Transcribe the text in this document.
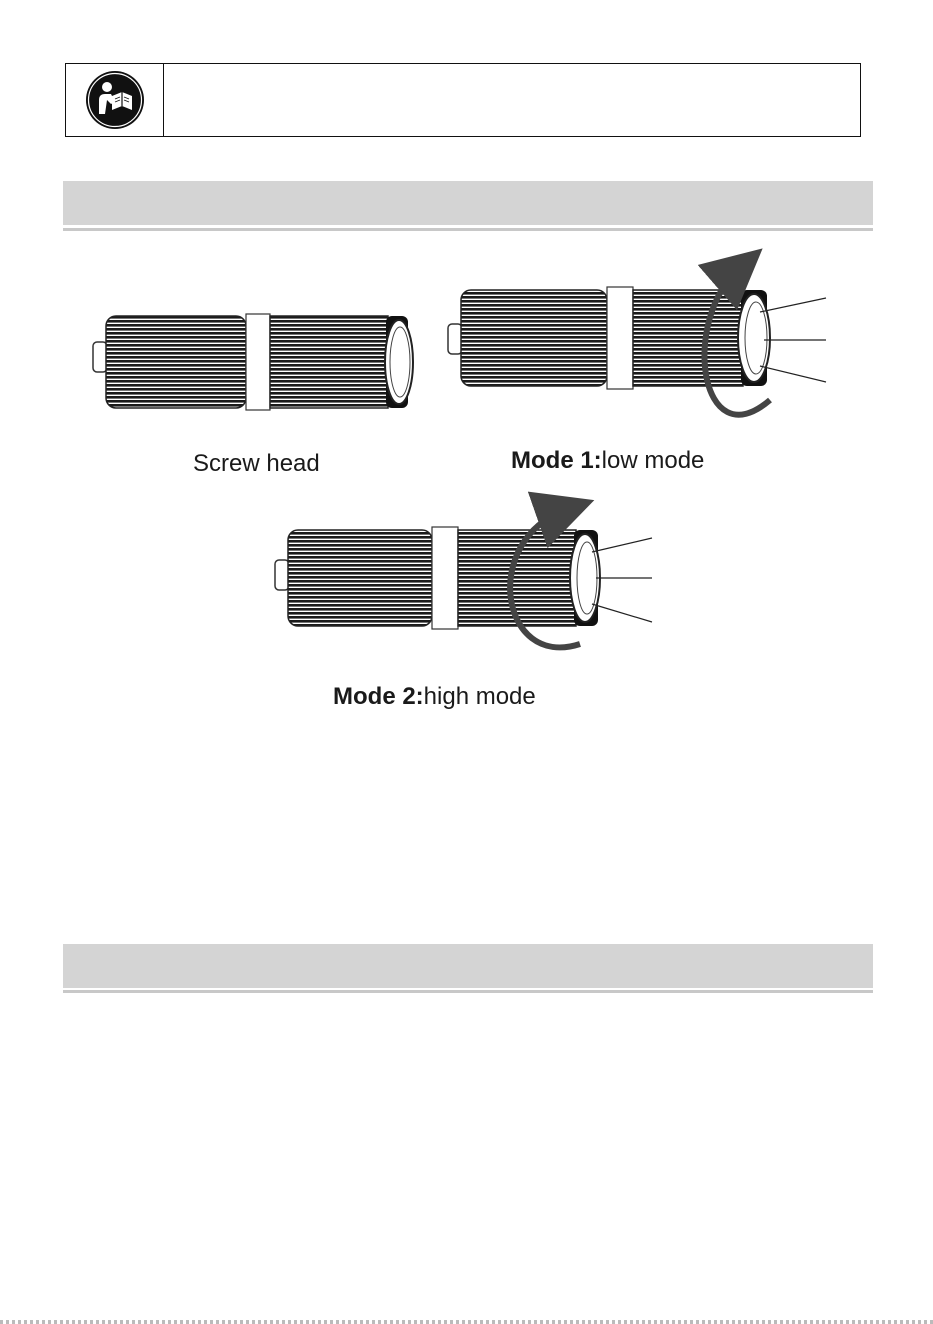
Screw head	Mode 1:low mode
Mode 2:high mode
